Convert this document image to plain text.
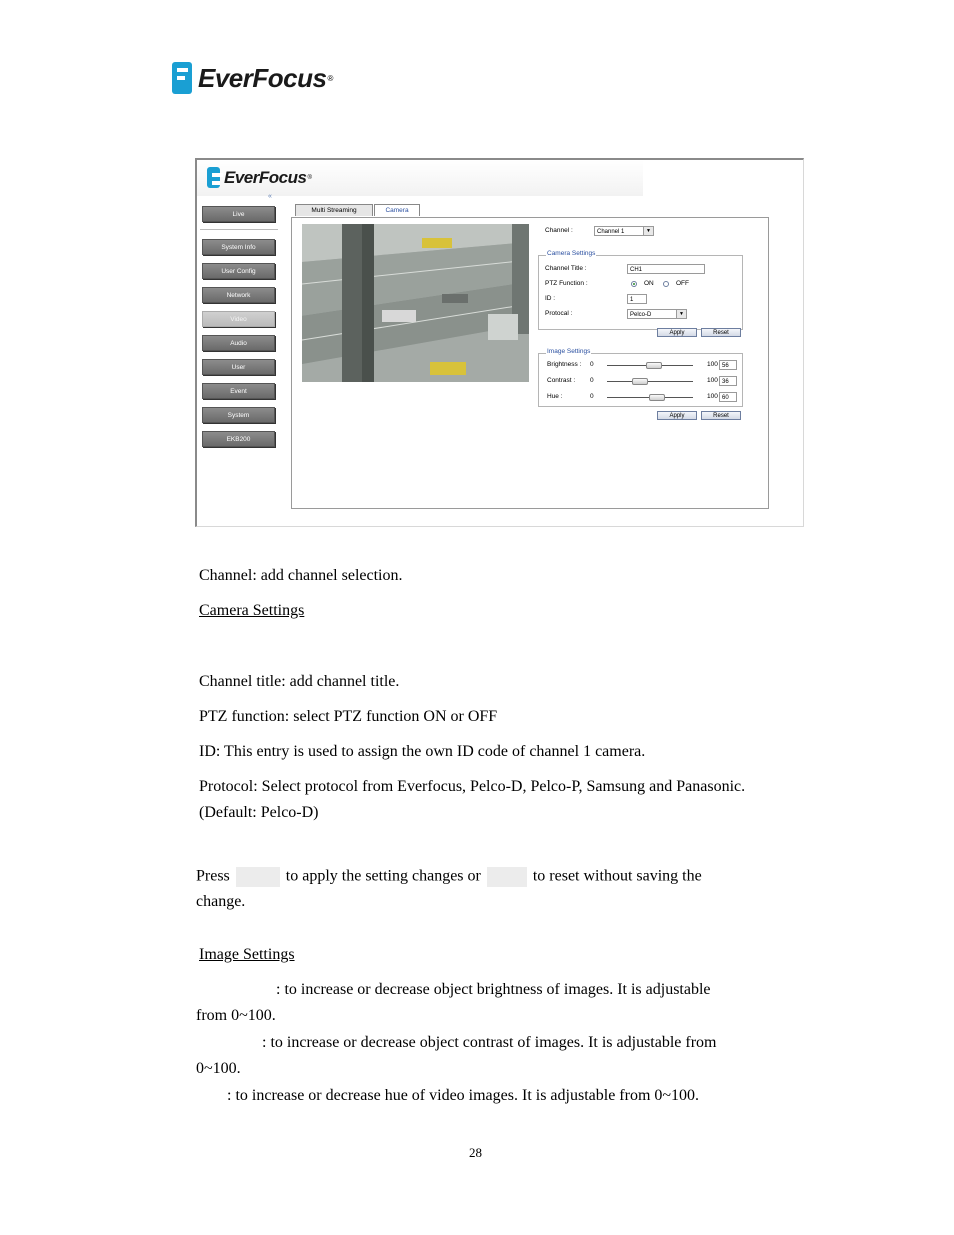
EverFocus ®
EverFocus ®
«
Live
System Info
User Config
Network
Video
Audio
User
Event
System
EKB200
Multi Streaming	Camera
Channel :	Channel 1	▼
Camera Settings
Channel Title :	CH1
PTZ Function :	ON	OFF
ID :	1
Protocal :	Pelco-D	▼
Apply	Reset
Image Settings
Brightness : 0	100 56
Contrast : 0	100 36
Hue :	0	100 60
Apply	Reset
Channel: add channel selection.
Camera Settings
Channel title: add channel title.
PTZ function: select PTZ function ON or OFF
ID: This entry is used to assign the own ID code of channel 1 camera.
Protocol: Select protocol from Everfocus, Pelco-D, Pelco-P, Samsung and Panasonic.
(Default: Pelco-D)
Press	to apply the setting changes or	to reset without saving the
change.
Image Settings
: to increase or decrease object brightness of images. It is adjustable
from 0~100.
: to increase or decrease object contrast of images. It is adjustable from
0~100.
: to increase or decrease hue of video images. It is adjustable from 0~100.
28
